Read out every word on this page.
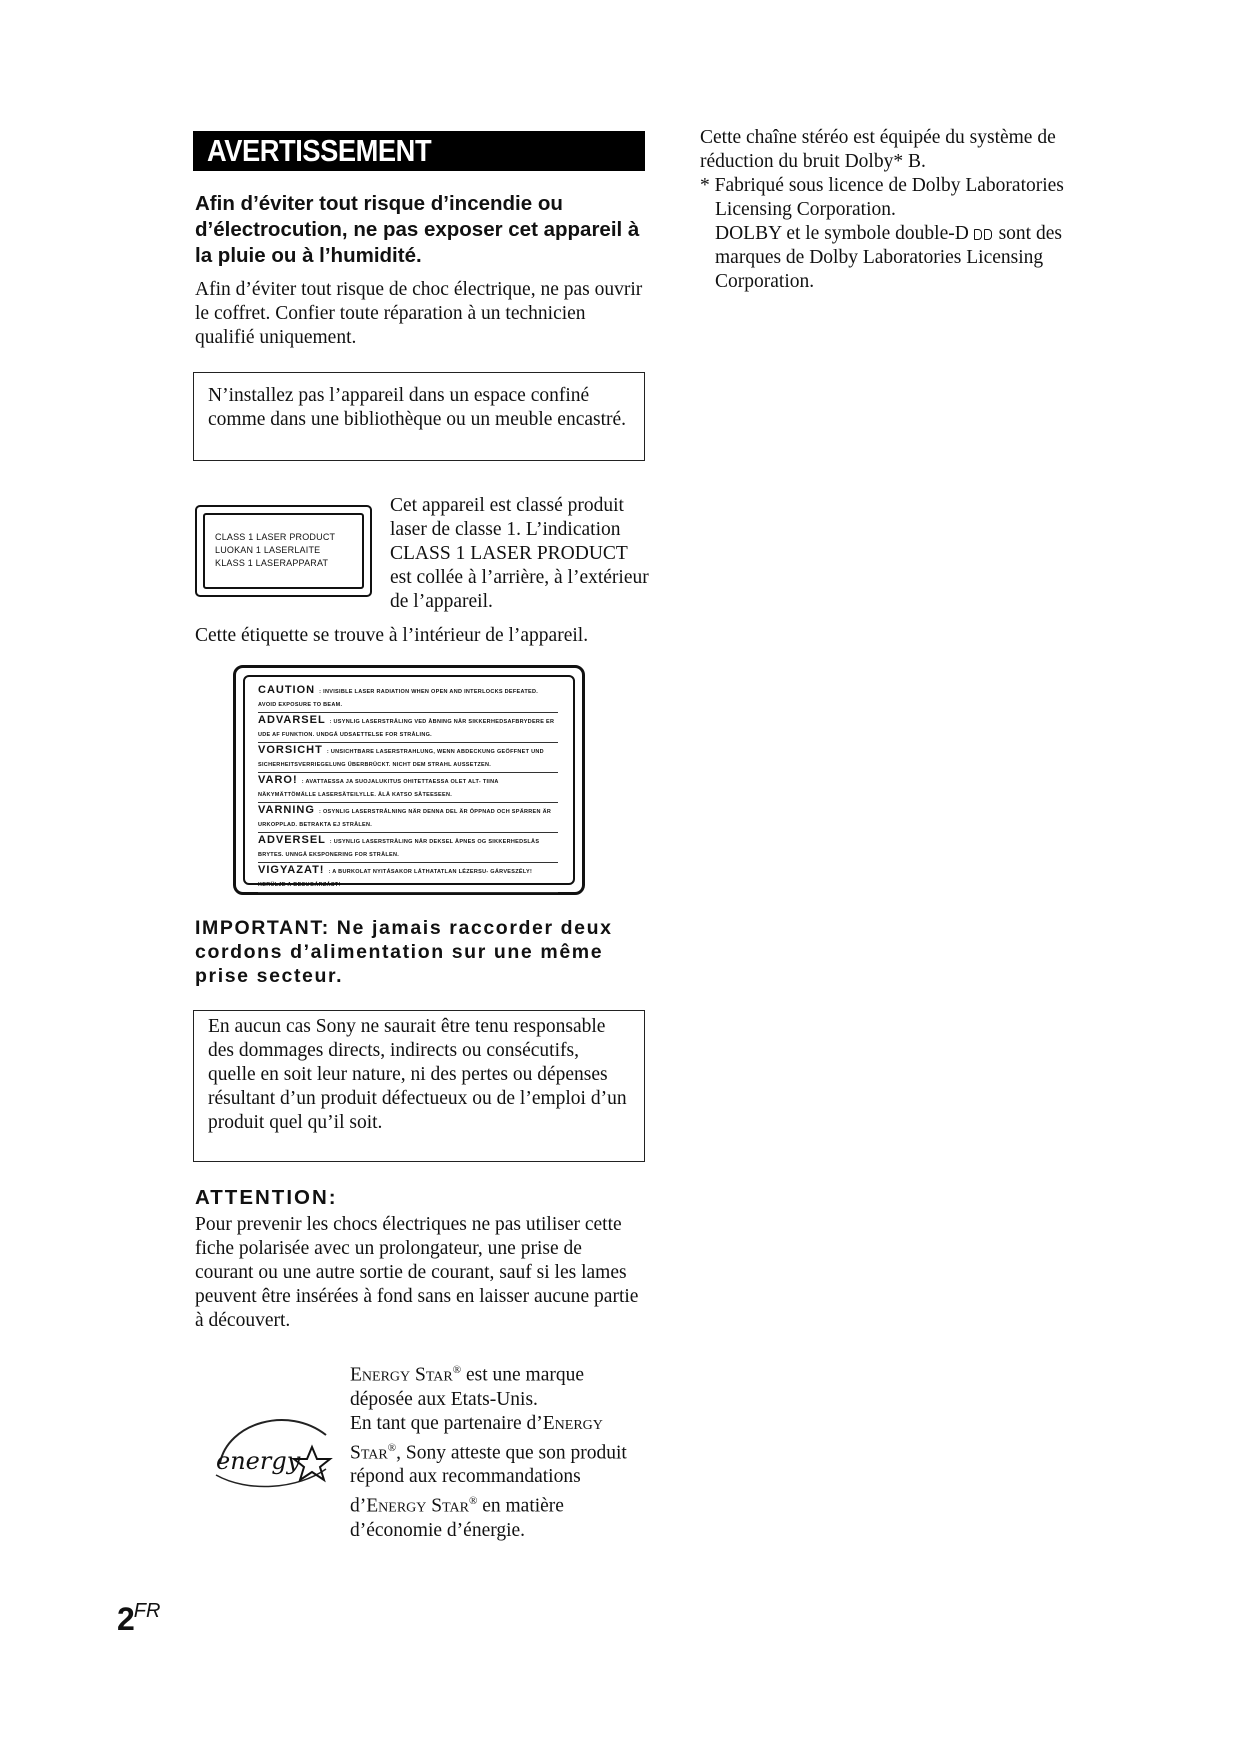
AVERTISSEMENT
Afin d’éviter tout risque d’incendie ou d’électrocution, ne pas exposer cet appareil à la pluie ou à l’humidité.
Afin d’éviter tout risque de choc électrique, ne pas ouvrir le coffret. Confier toute réparation à un technicien qualifié uniquement.
N’installez pas l’appareil dans un espace confiné comme dans une bibliothèque ou un meuble encastré.
CLASS 1 LASER PRODUCT
LUOKAN 1 LASERLAITE
KLASS 1 LASERAPPARAT
Cet appareil est classé produit laser de classe 1. L’indication CLASS 1 LASER PRODUCT est collée à l’arrière, à l’extérieur de l’appareil.
Cette étiquette se trouve à l’intérieur de l’appareil.
CAUTION : INVISIBLE LASER RADIATION WHEN OPEN AND INTERLOCKS DEFEATED. AVOID EXPOSURE TO BEAM.
ADVARSEL : USYNLIG LASERSTRÅLING VED ÅBNING NÅR SIKKERHEDSAFBRYDERE ER UDE AF FUNKTION. UNDGÅ UDSAETTELSE FOR STRÅLING.
VORSICHT : UNSICHTBARE LASERSTRAHLUNG, WENN ABDECKUNG GEÖFFNET UND SICHERHEITSVERRIEGELUNG ÜBERBRÜCKT. NICHT DEM STRAHL AUSSETZEN.
VARO! : AVATTAESSA JA SUOJALUKITUS OHITETTAESSA OLET ALT- TIINA NÄKYMÄTTÖMÄLLE LASERSÄTEILYLLE. ÄLÄ KATSO SÄTEESEEN.
VARNING : OSYNLIG LASERSTRÅLNING NÄR DENNA DEL ÄR ÖPPNAD OCH SPÄRREN ÄR URKOPPLAD. BETRAKTA EJ STRÅLEN.
ADVERSEL : USYNLIG LASERSTRÅLING NÅR DEKSEL ÅPNES OG SIKKERHEDSLÅS BRYTES. UNNGÅ EKSPONERING FOR STRÅLEN.
VIGYAZAT! : A BURKOLAT NYITÁSAKOR LÁTHATATLAN LÉZERSU- GÁRVESZÉLY! KERÜLJE A BESUGÁRZÁST!
IMPORTANT: Ne jamais raccorder deux cordons d’alimentation sur une même prise secteur.
En aucun cas Sony ne saurait être tenu responsable des dommages directs, indirects ou consécutifs, quelle en soit leur nature, ni des pertes ou dépenses résultant d’un produit défectueux ou de l’emploi d’un produit quel qu’il soit.
ATTENTION:
Pour prevenir les chocs électriques ne pas utiliser cette fiche polarisée avec un prolongateur, une prise de courant ou une autre sortie de courant, sauf si les lames peuvent être insérées à fond sans en laisser aucune partie à découvert.
energy
Energy Star® est une marque déposée aux Etats-Unis.
En tant que partenaire d’Energy Star®, Sony atteste que son produit répond aux recommandations d’Energy Star® en matière d’économie d’énergie.
2FR

Cette chaîne stéréo est équipée du système de réduction du bruit Dolby* B.

* Fabriqué sous licence de Dolby Laboratories Licensing Corporation.

DOLBY et le symbole double-D  sont des marques de Dolby Laboratories Licensing Corporation.
